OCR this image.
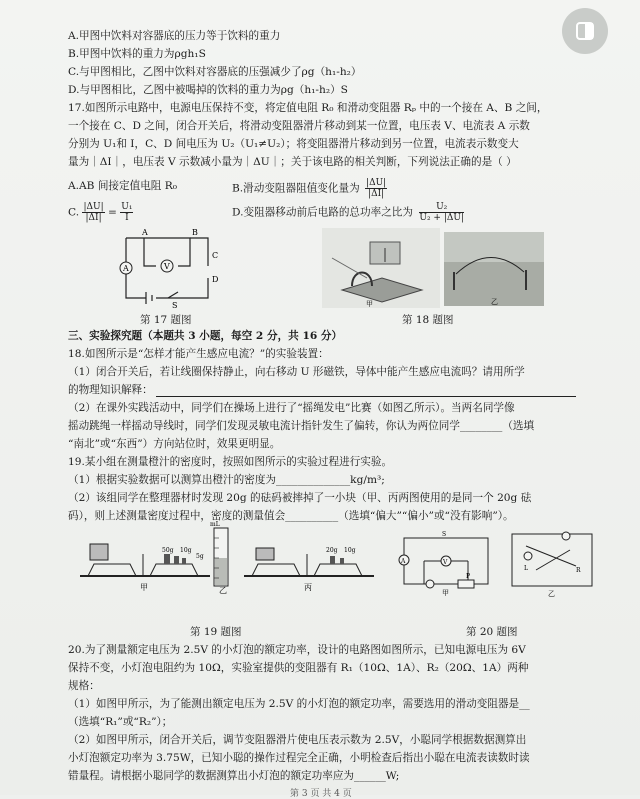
A.甲图中饮料对容器底的压力等于饮料的重力
B.甲图中饮料的重力为ρgh₁S
C.与甲图相比，乙图中饮料对容器底的压强减少了ρg（h₁-h₂）
D.与甲图相比，乙图中被喝掉的饮料的重力为ρg（h₁-h₂）S
17.如图所示电路中，电源电压保持不变，将定值电阻 R₀ 和滑动变阻器 Rₚ 中的一个接在 A、B 之间，
一个接在 C、D 之间，闭合开关后，将滑动变阻器滑片移动到某一位置，电压表 V、电流表 A 示数
分别为 U₁和 I，C、D 间电压为 U₂（U₁≠U₂）；将变阻器滑片移动到另一位置，电流表示数变大
量为｜ΔI｜，电压表 V 示数减小量为｜ΔU｜；关于该电路的相关判断，下列说法正确的是（ ）
A.AB 间接定值电阻 R₀	B.滑动变阻器阻值变化量为 $\frac{|\Delta U|}{|\Delta I|}$
C. $\frac{|\Delta U|}{|\Delta I|} = \frac{\text{U₁}}{I}$	D.变阻器移动前后电路的总功率之比为 $\frac{\text{U₂}}{\text{U₂ + |ΔU|}}$
A	V
A	B
C
D
S
第 17 题图
甲	乙
第 18 题图
三、实验探究题（本题共 3 小题，每空 2 分，共 16 分）
18.如图所示是“怎样才能产生感应电流？”的实验装置：
（1）闭合开关后，若让线圈保持静止，向右移动 U 形磁铁，导体中能产生感应电流吗？请用所学
的物理知识解释：
（2）在课外实践活动中，同学们在操场上进行了“摇绳发电”比赛（如图乙所示）。当两名同学像
摇动跳绳一样摇动导线时，同学们发现灵敏电流计指针发生了偏转，你认为两位同学________（选填
“南北”或“东西”）方向站位时，效果更明显。
19.某小组在测量橙汁的密度时，按照如图所示的实验过程进行实验。
（1）根据实验数据可以测算出橙汁的密度为______________kg/m³;
（2）该组同学在整理器材时发现 20g 的砝码被摔掉了一小块（甲、丙两图使用的是同一个 20g 砝
码），则上述测量密度过程中，密度的测量值会__________（选填“偏大”“偏小”或“没有影响”）。
50g 10g
5g
甲
mL
乙
20g 10g
丙
A	V
P
S
甲
L	R
乙
第 19 题图	第 20 题图
20.为了测量额定电压为 2.5V 的小灯泡的额定功率，设计的电路图如图所示，已知电源电压为 6V
保持不变，小灯泡电阻约为 10Ω，实验室提供的变阻器有 R₁（10Ω、1A）、R₂（20Ω、1A）两种
规格：
（1）如图甲所示，为了能测出额定电压为 2.5V 的小灯泡的额定功率，需要选用的滑动变阻器是__
（选填“R₁”或“R₂”）；
（2）如图甲所示，闭合开关后，调节变阻器滑片使电压表示数为 2.5V，小聪同学根据数据测算出
小灯泡额定功率为 3.75W，已知小聪的操作过程完全正确，小明检查后指出小聪在电流表读数时读
错量程。请根据小聪同学的数据测算出小灯泡的额定功率应为______W;
第 3 页 共 4 页
